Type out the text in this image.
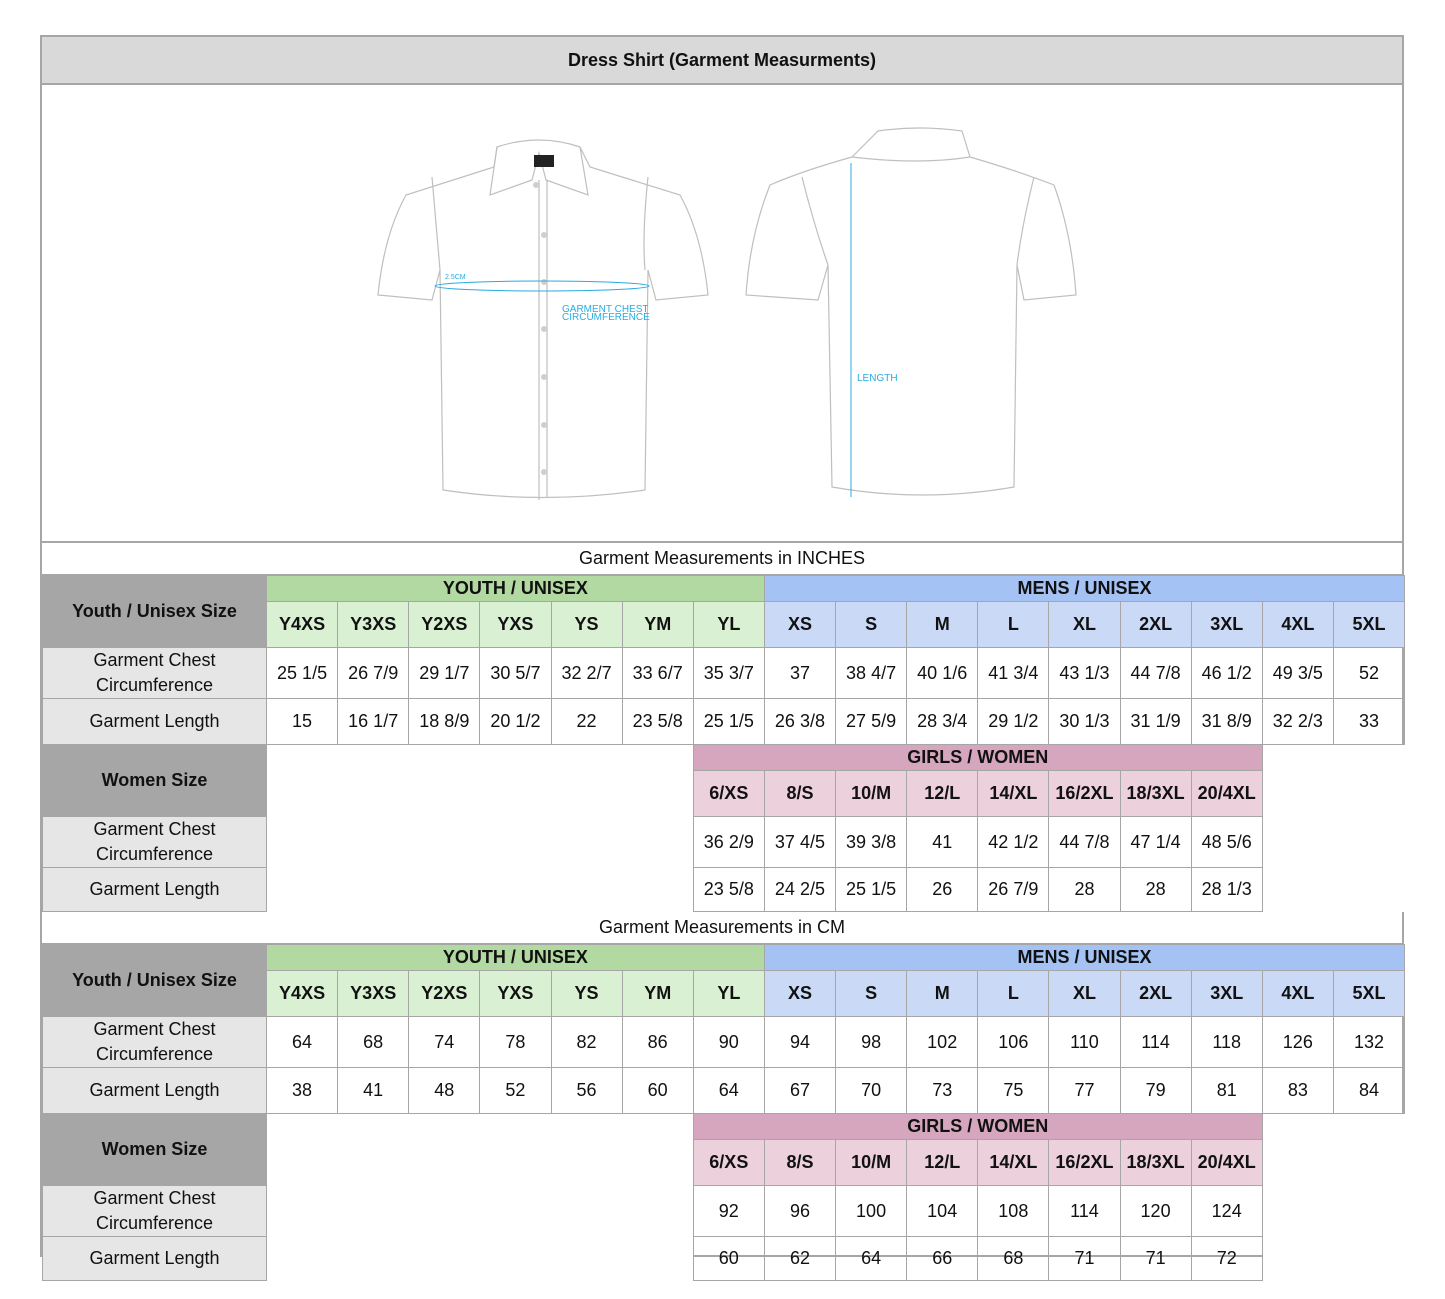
Dress Shirt (Garment Measurments)
2.5CM
GARMENT CHEST
CIRCUMFERENCE
LENGTH
Garment Measurements in INCHES
Youth / Unisex Size	YOUTH / UNISEX							MENS / UNISEX								
	Y4XS	Y3XS	Y2XS	YXS	YS	YM	YL	XS	S	M	L	XL	2XL	3XL	4XL	5XL
Garment Chest Circumference	25 1/5	26 7/9	29 1/7	30 5/7	32 2/7	33 6/7	35 3/7	37	38 4/7	40 1/6	41 3/4	43 1/3	44 7/8	46 1/2	49 3/5	52
Garment Length	15	16 1/7	18 8/9	20 1/2	22	23 5/8	25 1/5	26 3/8	27 5/9	28 3/4	29 1/2	30 1/3	31 1/9	31 8/9	32 2/3	33
Women Size							GIRLS / WOMEN									
							6/XS	8/S	10/M	12/L	14/XL	16/2XL	18/3XL	20/4XL		
Garment Chest Circumference							36 2/9	37 4/5	39 3/8	41	42 1/2	44 7/8	47 1/4	48 5/6		
Garment Length							23 5/8	24 2/5	25 1/5	26	26 7/9	28	28	28 1/3		
Garment Measurements in CM
Youth / Unisex Size	YOUTH / UNISEX							MENS / UNISEX								
	Y4XS	Y3XS	Y2XS	YXS	YS	YM	YL	XS	S	M	L	XL	2XL	3XL	4XL	5XL
Garment Chest Circumference	64	68	74	78	82	86	90	94	98	102	106	110	114	118	126	132
Garment Length	38	41	48	52	56	60	64	67	70	73	75	77	79	81	83	84
Women Size							GIRLS / WOMEN									
							6/XS	8/S	10/M	12/L	14/XL	16/2XL	18/3XL	20/4XL		
Garment Chest Circumference							92	96	100	104	108	114	120	124		
Garment Length							60	62	64	66	68	71	71	72		
